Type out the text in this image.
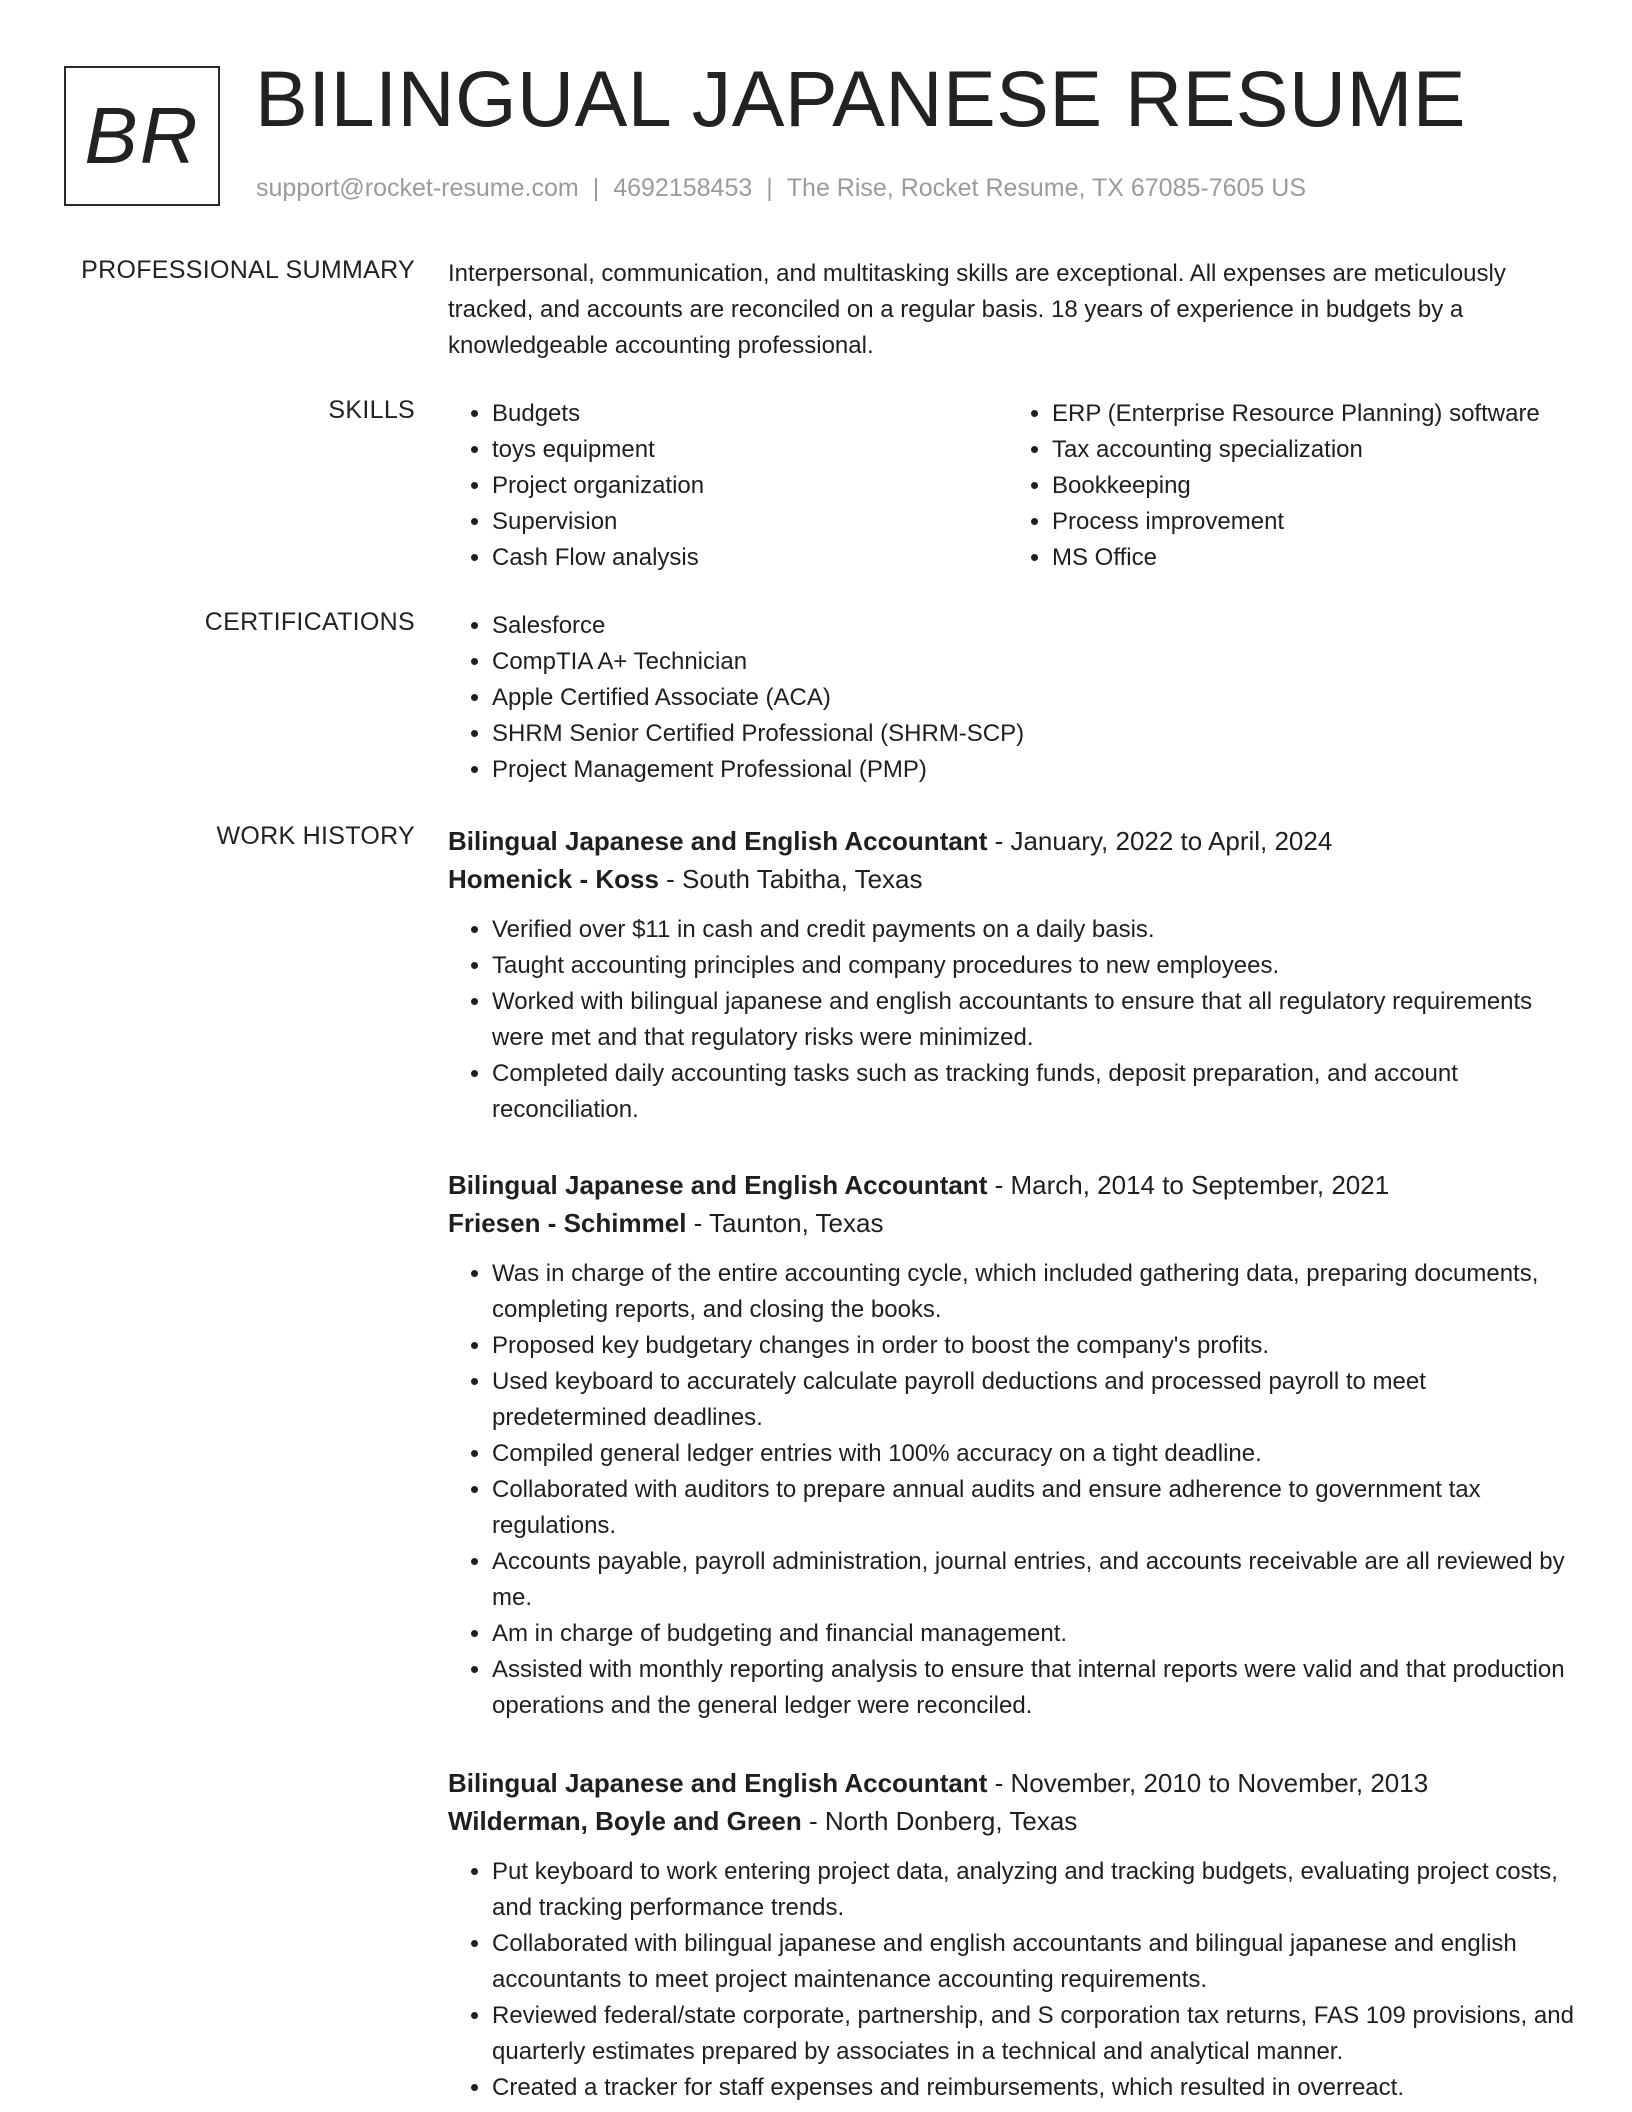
BR BILINGUAL JAPANESE RESUME
support@rocket-resume.com | 4692158453 | The Rise, Rocket Resume, TX 67085-7605 US
PROFESSIONAL SUMMARY Interpersonal, communication, and multitasking skills are exceptional. All expenses are meticulously tracked, and accounts are reconciled on a regular basis. 18 years of experience in budgets by a knowledgeable accounting professional.
SKILLS	• Budgets
• toys equipment
• Project organization
• Supervision
• Cash Flow analysis
• ERP (Enterprise Resource Planning) software
• Tax accounting specialization
• Bookkeeping
• Process improvement
• MS Office
CERTIFICATIONS	• Salesforce
• CompTIA A+ Technician
• Apple Certified Associate (ACA)
• SHRM Senior Certified Professional (SHRM-SCP)
• Project Management Professional (PMP)
WORK HISTORY Bilingual Japanese and English Accountant - January, 2022 to April, 2024
Homenick - Koss - South Tabitha, Texas
• Verified over $11 in cash and credit payments on a daily basis.
• Taught accounting principles and company procedures to new employees.
• Worked with bilingual japanese and english accountants to ensure that all regulatory requirements were met and that regulatory risks were minimized.
• Completed daily accounting tasks such as tracking funds, deposit preparation, and account reconciliation.
Bilingual Japanese and English Accountant - March, 2014 to September, 2021
Friesen - Schimmel - Taunton, Texas
• Was in charge of the entire accounting cycle, which included gathering data, preparing documents, completing reports, and closing the books.
• Proposed key budgetary changes in order to boost the company's profits.
• Used keyboard to accurately calculate payroll deductions and processed payroll to meet predetermined deadlines.
• Compiled general ledger entries with 100% accuracy on a tight deadline.
• Collaborated with auditors to prepare annual audits and ensure adherence to government tax regulations.
• Accounts payable, payroll administration, journal entries, and accounts receivable are all reviewed by me.
• Am in charge of budgeting and financial management.
• Assisted with monthly reporting analysis to ensure that internal reports were valid and that production operations and the general ledger were reconciled.
Bilingual Japanese and English Accountant - November, 2010 to November, 2013
Wilderman, Boyle and Green - North Donberg, Texas
• Put keyboard to work entering project data, analyzing and tracking budgets, evaluating project costs, and tracking performance trends.
• Collaborated with bilingual japanese and english accountants and bilingual japanese and english accountants to meet project maintenance accounting requirements.
• Reviewed federal/state corporate, partnership, and S corporation tax returns, FAS 109 provisions, and quarterly estimates prepared by associates in a technical and analytical manner.
• Created a tracker for staff expenses and reimbursements, which resulted in overreact.
